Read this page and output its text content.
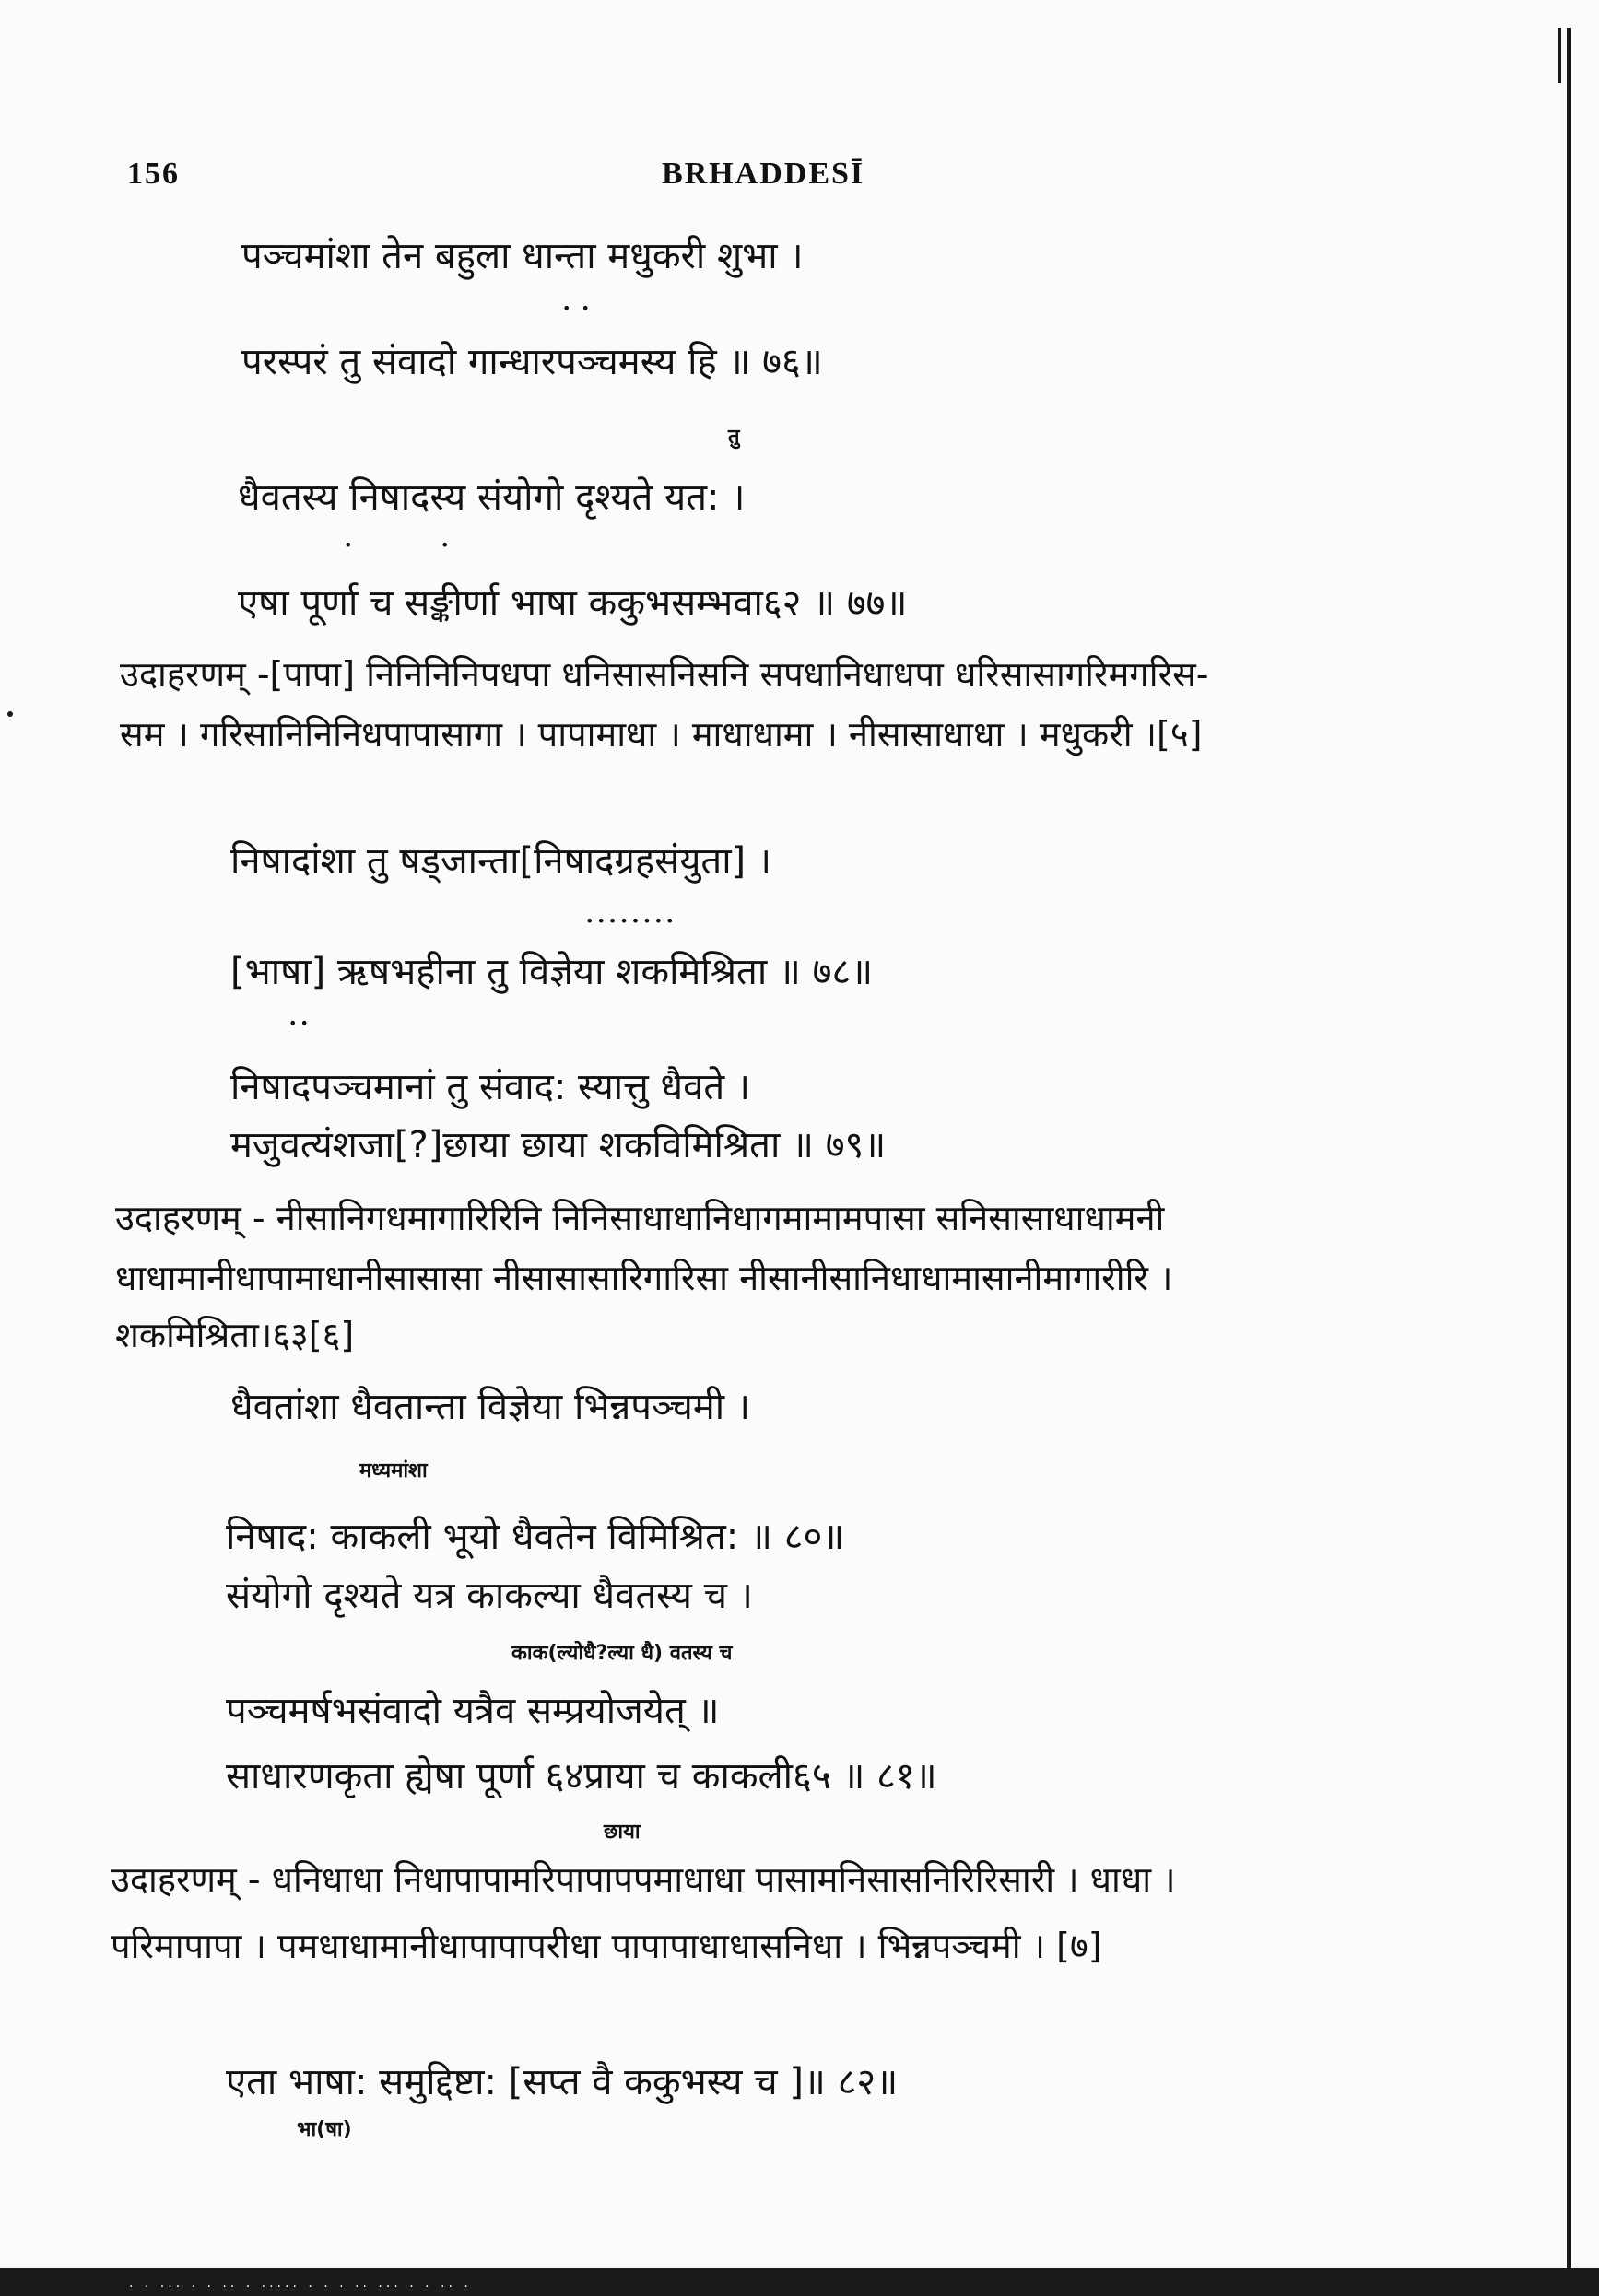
156	BRHADDESĪ
पञ्चमांशा तेन बहुला धान्ता मधुकरी शुभा ।
• •
परस्परं तु संवादो गान्धारपञ्चमस्य हि ॥ ७६॥
तु
धैवतस्य निषादस्य संयोगो दृश्यते यत: ।
•	•
एषा पूर्णा च सङ्कीर्णा भाषा ककुभसम्भवा६२ ॥ ७७॥
उदाहरणम् -[पापा] निनिनिनिपधपा धनिसासनिसनि सपधानिधाधपा धरिसासागरिमगरिस-
सम । गरिसानिनिनिधपापासागा । पापामाधा । माधाधामा । नीसासाधाधा । मधुकरी ।[५]
निषादांशा तु षड्जान्ता[निषादग्रहसंयुता] ।
••••••••
[भाषा] ऋषभहीना तु विज्ञेया शकमिश्रिता ॥ ७८॥
••
निषादपञ्चमानां तु संवाद: स्यात्तु धैवते ।
मजुवत्यंशजा[?]छाया छाया शकविमिश्रिता ॥ ७९॥
उदाहरणम् - नीसानिगधमागारिरिनि निनिसाधाधानिधागमामामपासा सनिसासाधाधामनी
धाधामानीधापामाधानीसासासा नीसासासारिगारिसा नीसानीसानिधाधामासानीमागारीरि ।
शकमिश्रिता।६३[६]
धैवतांशा धैवतान्ता विज्ञेया भिन्नपञ्चमी ।
मध्यमांशा
निषाद: काकली भूयो धैवतेन विमिश्रित: ॥ ८०॥
संयोगो दृश्यते यत्र काकल्या धैवतस्य च ।
काक(ल्योधै?ल्या धै) वतस्य च
पञ्चमर्षभसंवादो यत्रैव सम्प्रयोजयेत् ॥
साधारणकृता ह्येषा पूर्णा ६४प्राया च काकली६५ ॥ ८१॥
छाया
उदाहरणम् - धनिधाधा निधापापामरिपापापपमाधाधा पासामनिसासनिरिरिसारी । धाधा ।
परिमापापा । पमधाधामानीधापापापरीधा पापापाधाधासनिधा । भिन्नपञ्चमी । [७]
एता भाषा: समुद्दिष्टा: [सप्त वै ककुभस्य च ]॥ ८२॥
भा(षा)
. . ... . . .. . ..... . . . .. ... . . .. .
